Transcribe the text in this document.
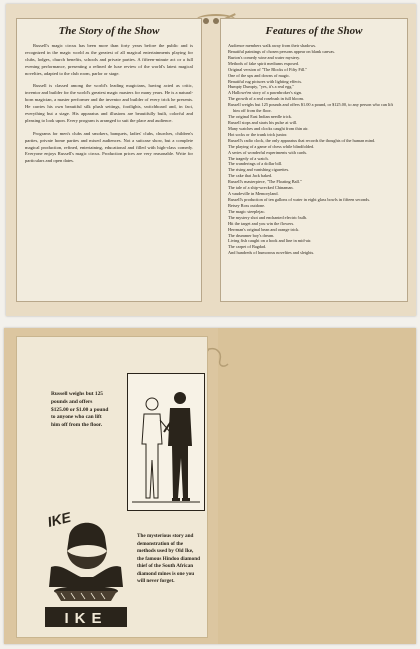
The Story of the Show

Russell's magic circus has been more than forty years before the public and is recognized in the magic world as the greatest of all magical entertainments playing for clubs, lodges, church benefits, schools and private parties. A fifteen-minute act or a full evening performance, presenting a refined de luxe review of the world's latest magical novelties, adapted to the club room, parlor or stage.

Russell is classed among the world's leading magicians, having acted as critic, inventor and builder for the world's greatest magic masters for many years. He is a natural-born magician, a master performer and the inventor and builder of every trick he presents. He carries his own beautiful silk plush settings, footlights, switchboard and, in fact, everything but a stage. His apparatus and illusions are beautifully built, colorful and pleasing to look upon. Every program is arranged to suit the place and audience.

Programs for men's clubs and smokers, banquets, ladies' clubs, churches, children's parties, private home parties and mixed audiences. Not a suitcase show, but a complete magical production, refined, entertaining, educational and filled with high-class comedy. Everyone enjoys Russell's magic circus. Production prices are very reasonable. Write for particulars and open dates.

Features of the Show
Audience members walk away from their shadows.
Beautiful paintings of chosen persons appear on blank canvas.
Burton's comedy wine and water mystery.
Methods of fake spirit mediums exposed.
Original version of "The Blocks of Fifty Fill."
One of the ups and downs of magic.
Beautiful rug pictures with lighting effects.
Humpty Dumpty, "yes, it's a real egg."
A Hallowe'en story of a pawnbroker's sign.
The growth of a real rosebush in full bloom.
Russell weighs but 125 pounds and offers $1.00 a pound, or $125.00, to any person who can lift him off from the floor.
The original East Indian needle trick.
Russell stops and starts his pulse at will.
Many watches and clocks caught from thin air.
Hot socks or the trunk trick junior.
Russell's radio clock, the only apparatus that records the thoughts of the human mind.
The playing of a game of chess while blindfolded.
A series of wonderful experiments with cards.
The tragedy of a watch.
The wanderings of a dollar bill.
The rising and vanishing cigarettes.
The cake that Jack baked.
Russell's masterpiece, "The Floating Ball."
The tale of a ship-wrecked Chinaman.
A vaudeville in Memoryland.
Russell's production of ten gallons of water in eight glass bowls in fifteen seconds.
Betsey Ross outdone.
The magic steeplejac.
The mystery shot and enchanted electric bulb.
Hit the target and you win the flowers.
Herrman's original bean and orange trick.
The drummer boy's dream.
Living fish caught on a hook and line in mid-air.
The carpet of Bagdad.
And hundreds of humorous novelties and sleights.
Russell weighs but 125 pounds and offers $125.00 or $1.00 a pound to anyone who can lift him off from the floor.
IKE
IKE
The mysterious story and demonstration of the methods used by Old Ike, the famous Hindoo diamond thief of the South African diamond mines is one you will never forget.
